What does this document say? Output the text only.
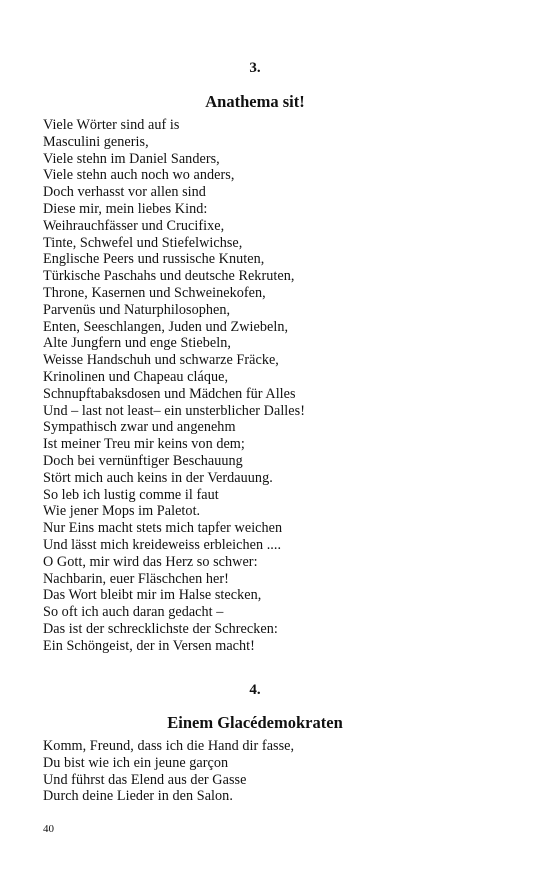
3.
Anathema sit!
Viele Wörter sind auf is
Masculini generis,
Viele stehn im Daniel Sanders,
Viele stehn auch noch wo anders,
Doch verhasst vor allen sind
Diese mir, mein liebes Kind:
Weihrauchfässer und Crucifixe,
Tinte, Schwefel und Stiefelwichse,
Englische Peers und russische Knuten,
Türkische Paschahs und deutsche Rekruten,
Throne, Kasernen und Schweinekofen,
Parvenüs und Naturphilosophen,
Enten, Seeschlangen, Juden und Zwiebeln,
Alte Jungfern und enge Stiebeln,
Weisse Handschuh und schwarze Fräcke,
Krinolinen und Chapeau cláque,
Schnupftabaksdosen und Mädchen für Alles
Und – last not least– ein unsterblicher Dalles!
Sympathisch zwar und angenehm
Ist meiner Treu mir keins von dem;
Doch bei vernünftiger Beschauung
Stört mich auch keins in der Verdauung.
So leb ich lustig comme il faut
Wie jener Mops im Paletot.
Nur Eins macht stets mich tapfer weichen
Und lässt mich kreideweiss erbleichen ....
O Gott, mir wird das Herz so schwer:
Nachbarin, euer Fläschchen her!
Das Wort bleibt mir im Halse stecken,
So oft ich auch daran gedacht –
Das ist der schrecklichste der Schrecken:
Ein Schöngeist, der in Versen macht!
4.
Einem Glacédemokraten
Komm, Freund, dass ich die Hand dir fasse,
Du bist wie ich ein jeune garçon
Und führst das Elend aus der Gasse
Durch deine Lieder in den Salon.
40
